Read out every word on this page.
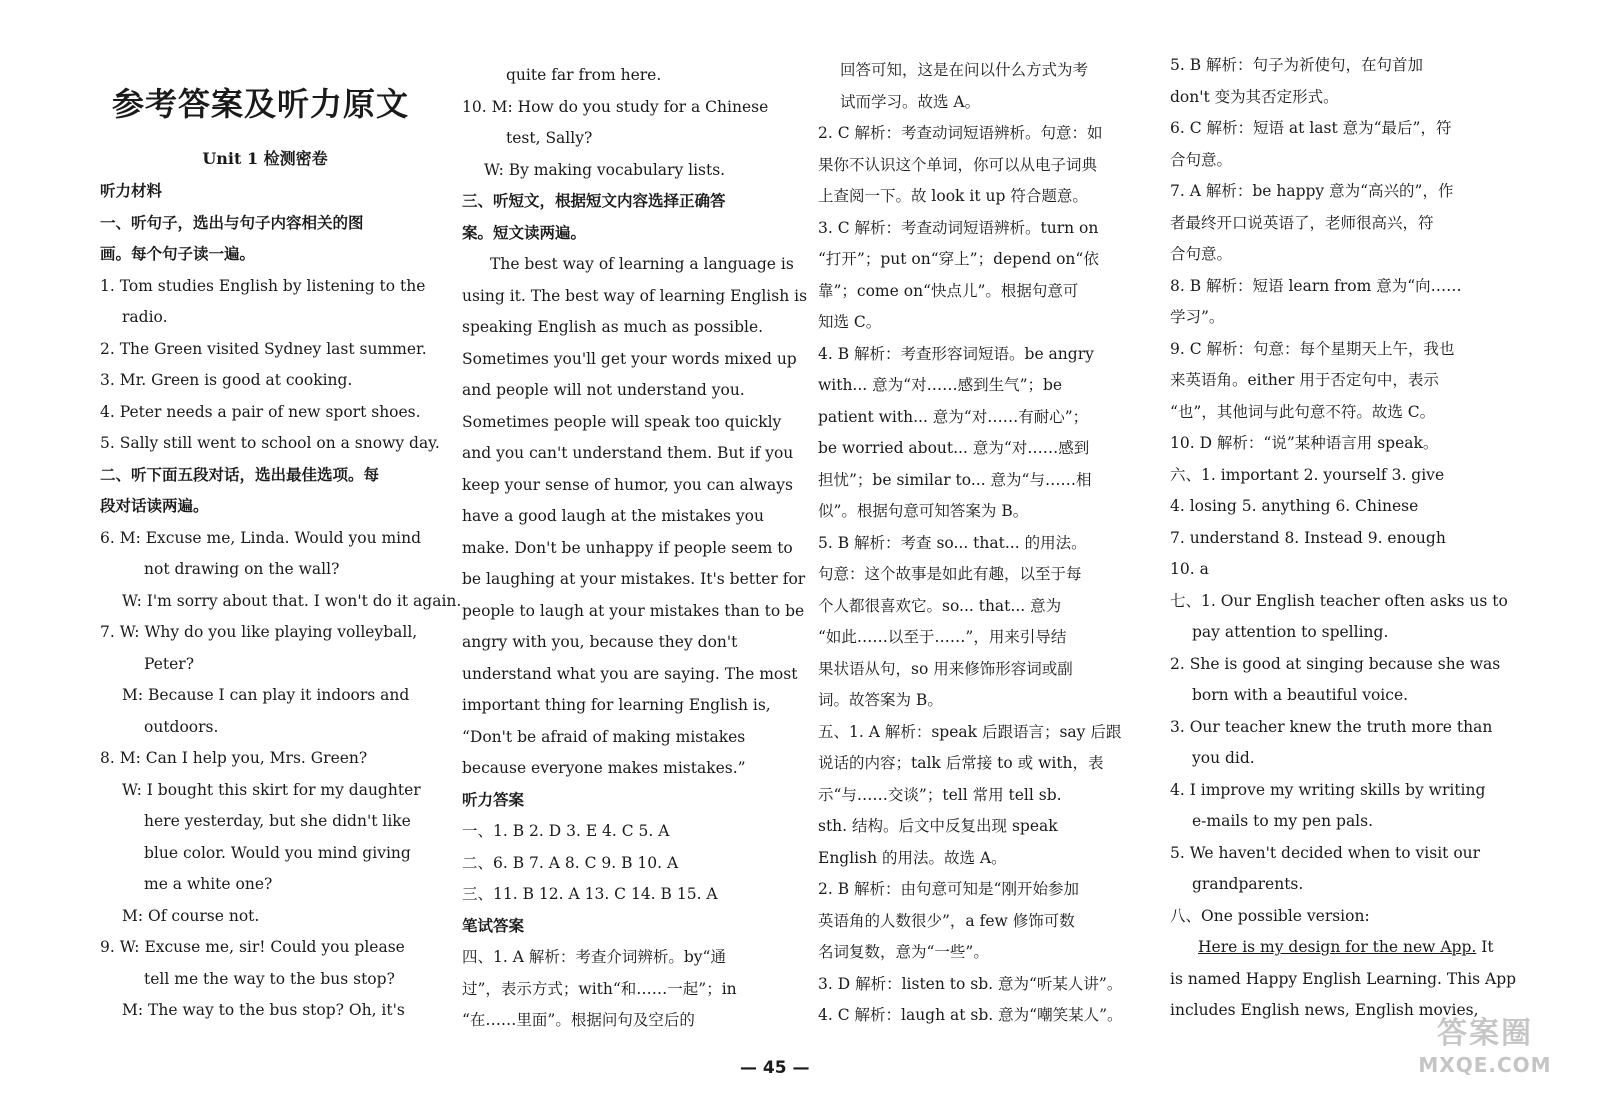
参考答案及听力原文
Unit 1 检测密卷
听力材料
一、听句子，选出与句子内容相关的图
画。每个句子读一遍。
1. Tom studies English by listening to the
radio.
2. The Green visited Sydney last summer.
3. Mr. Green is good at cooking.
4. Peter needs a pair of new sport shoes.
5. Sally still went to school on a snowy day.
二、听下面五段对话，选出最佳选项。每
段对话读两遍。
6. M: Excuse me, Linda. Would you mind
not drawing on the wall?
W: I'm sorry about that. I won't do it again.
7. W: Why do you like playing volleyball,
Peter?
M: Because I can play it indoors and
outdoors.
8. M: Can I help you, Mrs. Green?
W: I bought this skirt for my daughter
here yesterday, but she didn't like
blue color. Would you mind giving
me a white one?
M: Of course not.
9. W: Excuse me, sir! Could you please
tell me the way to the bus stop?
M: The way to the bus stop? Oh, it's
quite far from here.
10. M: How do you study for a Chinese
test, Sally?
W: By making vocabulary lists.
三、听短文，根据短文内容选择正确答
案。短文读两遍。
The best way of learning a language is
using it. The best way of learning English is
speaking English as much as possible.
Sometimes you'll get your words mixed up
and people will not understand you.
Sometimes people will speak too quickly
and you can't understand them. But if you
keep your sense of humor, you can always
have a good laugh at the mistakes you
make. Don't be unhappy if people seem to
be laughing at your mistakes. It's better for
people to laugh at your mistakes than to be
angry with you, because they don't
understand what you are saying. The most
important thing for learning English is,
“Don't be afraid of making mistakes
because everyone makes mistakes.”
听力答案
一、1. B 2. D 3. E 4. C 5. A
二、6. B 7. A 8. C 9. B 10. A
三、11. B 12. A 13. C 14. B 15. A
笔试答案
四、1. A 解析：考查介词辨析。by“通
过”，表示方式；with“和……一起”；in
“在……里面”。根据问句及空后的
回答可知，这是在问以什么方式为考
试而学习。故选 A。
2. C 解析：考查动词短语辨析。句意：如
果你不认识这个单词，你可以从电子词典
上查阅一下。故 look it up 符合题意。
3. C 解析：考查动词短语辨析。turn on
“打开”；put on“穿上”；depend on“依
靠”；come on“快点儿”。根据句意可
知选 C。
4. B 解析：考查形容词短语。be angry
with... 意为“对……感到生气”；be
patient with... 意为“对……有耐心”；
be worried about... 意为“对……感到
担忧”；be similar to... 意为“与……相
似”。根据句意可知答案为 B。
5. B 解析：考查 so... that... 的用法。
句意：这个故事是如此有趣，以至于每
个人都很喜欢它。so... that... 意为
“如此……以至于……”，用来引导结
果状语从句，so 用来修饰形容词或副
词。故答案为 B。
五、1. A 解析：speak 后跟语言；say 后跟
说话的内容；talk 后常接 to 或 with，表
示“与……交谈”；tell 常用 tell sb.
sth. 结构。后文中反复出现 speak
English 的用法。故选 A。
2. B 解析：由句意可知是“刚开始参加
英语角的人数很少”，a few 修饰可数
名词复数，意为“一些”。
3. D 解析：listen to sb. 意为“听某人讲”。
4. C 解析：laugh at sb. 意为“嘲笑某人”。
5. B 解析：句子为祈使句，在句首加
don't 变为其否定形式。
6. C 解析：短语 at last 意为“最后”，符
合句意。
7. A 解析：be happy 意为“高兴的”，作
者最终开口说英语了，老师很高兴，符
合句意。
8. B 解析：短语 learn from 意为“向……
学习”。
9. C 解析：句意：每个星期天上午，我也
来英语角。either 用于否定句中，表示
“也”，其他词与此句意不符。故选 C。
10. D 解析：“说”某种语言用 speak。
六、1. important 2. yourself 3. give
4. losing 5. anything 6. Chinese
7. understand 8. Instead 9. enough
10. a
七、1. Our English teacher often asks us to
pay attention to spelling.
2. She is good at singing because she was
born with a beautiful voice.
3. Our teacher knew the truth more than
you did.
4. I improve my writing skills by writing
e-mails to my pen pals.
5. We haven't decided when to visit our
grandparents.
八、One possible version:
Here is my design for the new App. It
is named Happy English Learning. This App
includes English news, English movies,
— 45 —
答案圈
MXQE.COM
